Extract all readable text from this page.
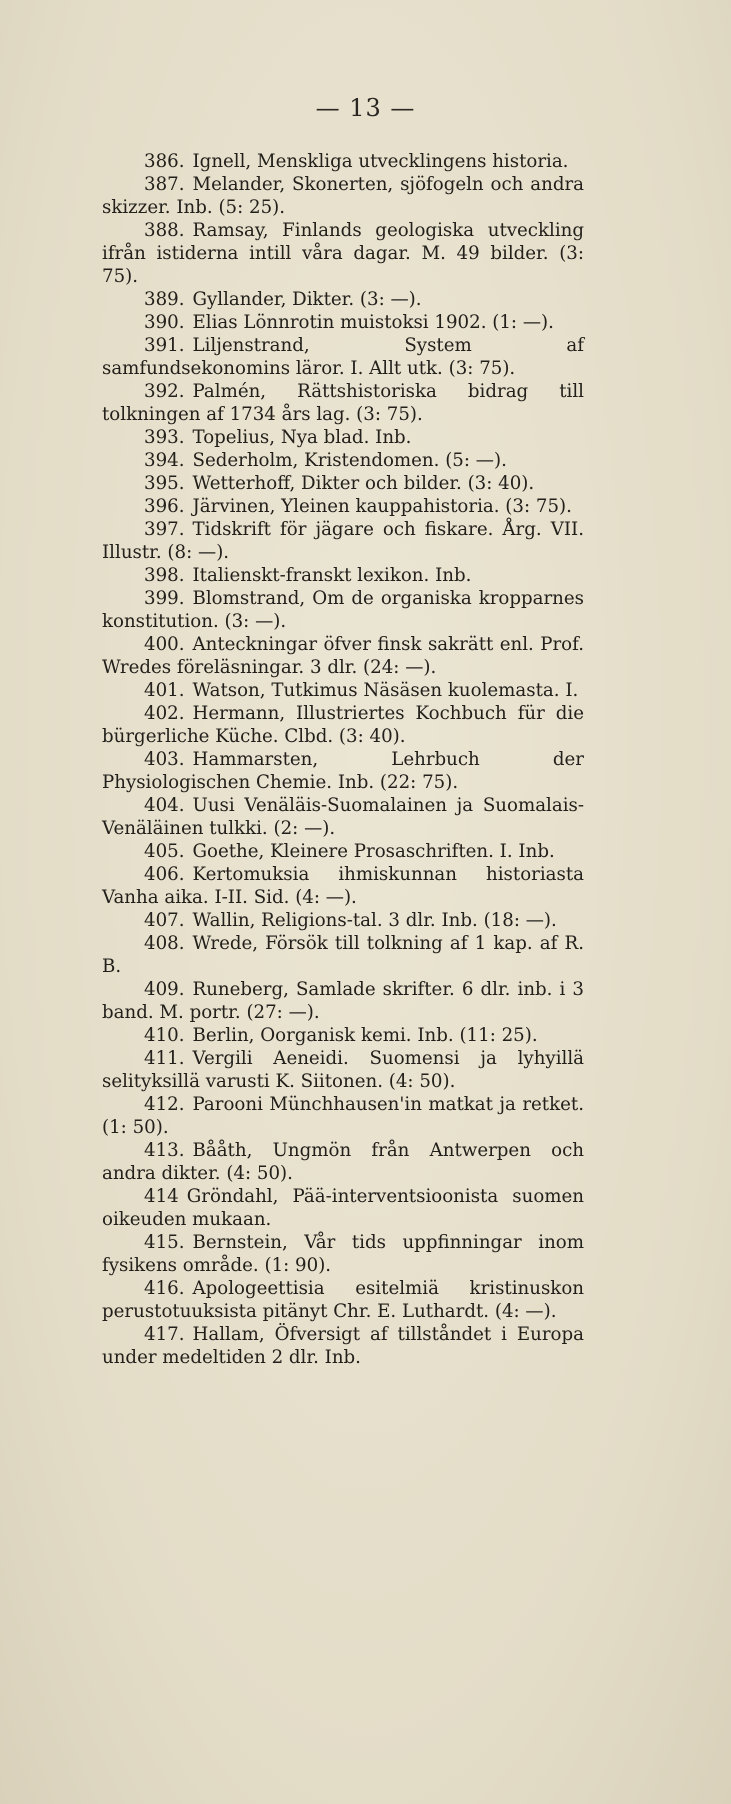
— 13 —

386. Ignell, Menskliga utvecklingens historia.

387. Melander, Skonerten, sjöfogeln och andra skizzer. Inb. (5: 25).

388. Ramsay, Finlands geologiska utveckling ifrån istiderna intill våra dagar. M. 49 bilder. (3: 75).

389. Gyllander, Dikter. (3: —).

390. Elias Lönnrotin muistoksi 1902. (1: —).

391. Liljenstrand, System af samfundsekonomins läror. I. Allt utk. (3: 75).

392. Palmén, Rättshistoriska bidrag till tolkningen af 1734 års lag. (3: 75).

393. Topelius, Nya blad. Inb.

394. Sederholm, Kristendomen. (5: —).

395. Wetterhoff, Dikter och bilder. (3: 40).

396. Järvinen, Yleinen kauppahistoria. (3: 75).

397. Tidskrift för jägare och fiskare. Årg. VII. Illustr. (8: —).

398. Italienskt-franskt lexikon. Inb.

399. Blomstrand, Om de organiska kropparnes konstitution. (3: —).

400. Anteckningar öfver finsk sakrätt enl. Prof. Wredes föreläsningar. 3 dlr. (24: —).

401. Watson, Tutkimus Näsäsen kuolemasta. I.

402. Hermann, Illustriertes Kochbuch für die bürgerliche Küche. Clbd. (3: 40).

403. Hammarsten, Lehrbuch der Physiologischen Chemie. Inb. (22: 75).

404. Uusi Venäläis-Suomalainen ja Suomalais-Venäläinen tulkki. (2: —).

405. Goethe, Kleinere Prosaschriften. I. Inb.

406. Kertomuksia ihmiskunnan historiasta Vanha aika. I-II. Sid. (4: —).

407. Wallin, Religions-tal. 3 dlr. Inb. (18: —).

408. Wrede, Försök till tolkning af 1 kap. af R. B.

409. Runeberg, Samlade skrifter. 6 dlr. inb. i 3 band. M. portr. (27: —).

410. Berlin, Oorganisk kemi. Inb. (11: 25).

411. Vergili Aeneidi. Suomensi ja lyhyillä selityksillä varusti K. Siitonen. (4: 50).

412. Parooni Münchhausen'in matkat ja retket. (1: 50).

413. Bååth, Ungmön från Antwerpen och andra dikter. (4: 50).

414 Gröndahl, Pää-interventsioonista suomen oikeuden mukaan.

415. Bernstein, Vår tids uppfinningar inom fysikens område. (1: 90).

416. Apologeettisia esitelmiä kristinuskon perustotuuksista pitänyt Chr. E. Luthardt. (4: —).

417. Hallam, Öfversigt af tillståndet i Europa under medeltiden 2 dlr. Inb.
